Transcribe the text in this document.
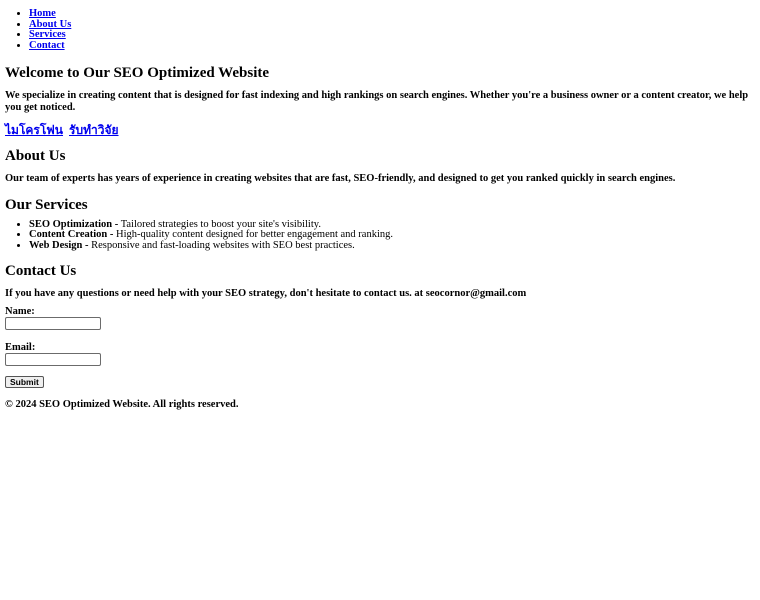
• Home
• About Us
• Services
• Contact
Welcome to Our SEO Optimized Website

We specialize in creating content that is designed for fast indexing and high rankings on search engines. Whether you're a business owner or a content creator, we help you get noticed.

ไมโครโฟน รับทำวิจัย
About Us

Our team of experts has years of experience in creating websites that are fast, SEO-friendly, and designed to get you ranked quickly in search engines.

Our Services
• SEO Optimization - Tailored strategies to boost your site's visibility.
• Content Creation - High-quality content designed for better engagement and ranking.
• Web Design - Responsive and fast-loading websites with SEO best practices.
Contact Us

If you have any questions or need help with your SEO strategy, don't hesitate to contact us. at seocornor@gmail.com

Name:
Email:
Submit

© 2024 SEO Optimized Website. All rights reserved.
